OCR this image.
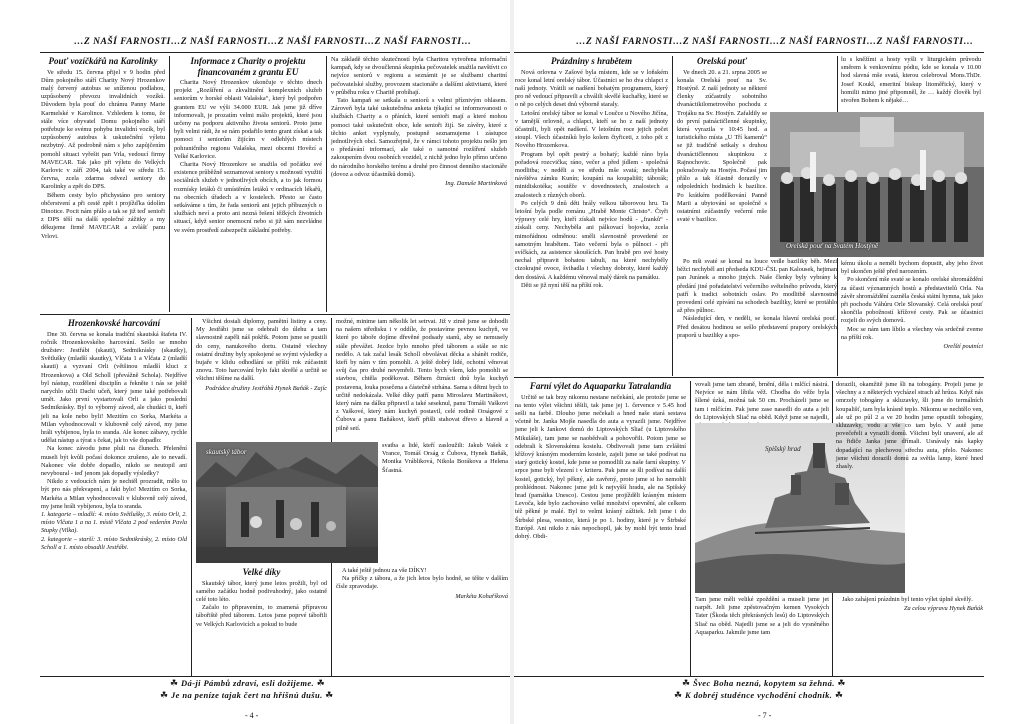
…Z NAŠÍ FARNOSTI…Z NAŠÍ FARNOSTI…Z NAŠÍ FARNOSTI…Z NAŠÍ FARNOSTI…
Pouť vozíčkářů na Karolinky

Ve středu 15. června přijel v 9 hodin před Dům pokojného stáří Charity Nový Hrozenkov malý červený autobus se sníženou podlahou, uzpůsobený převozu invalidních vozíků. Důvodem byla pouť do chrámu Panny Marie Karmelské v Karolince. Vzhledem k tomu, že stále více obyvatel Domu pokojného stáří potřebuje ke svému pohybu invalidní vozík, byl uzpůsobený autobus k uskutečnění výletu nezbytný. Až podrobně nám s jeho zapůjčením pomohl situaci vyřešit pan Vrla, vedoucí firmy MAVECAR. Tak jako při výletu do Velkých Karlovic v září 2004, tak také ve středu 15. června, zcela zdarma odvezl seniory do Karolinky a zpět do DPS.

Během cesty bylo přichystáno pro seniory občerstvení a při cestě zpět i projížďka údolím Dinotice. Pocit nám přálo a tak se již teď senioři z DPS těší na další společné zážitky a my děkujeme firmě MAVECAR a zvlášť panu Vrlovi.

Informace z Charity o projektu financovaném z grantu EU

Charita Nový Hrozenkov ukončuje v těchto dnech projekt „Rozšíření a zkvalitnění komplexních služeb seniorům v horské oblasti Valašska“, který byl podpořen grantem EU ve výši 34.000 EUR. Jak jsme již dříve informovali, je prozatím velmi málo projektů, které jsou určeny na podporu aktivního života seniorů. Proto jsme byli velmi rádi, že se nám podařilo tento grant získat a tak pomoci i seniorům žijícím v odlehlých místech pohraničního regionu Valašska, mezi obcemi Hovězí a Velké Karlovice.

Charita Nový Hrozenkov se snažila od počátku své existence průběžně seznamovat seniory s možností využití sociálních služeb v jednotlivých obcích, a to jak formou rozmísky letáků či umístěním letáků v ordinacích lékařů, na obecních úřadech a v kostelech. Přesto se často setkáváme s tím, že řada seniorů ani jejich příbuzných o službách neví a proto ani nezná řešení těžkých životních situací, když senior onemocní nebo si již sám nezvládne ve svém prostředí zabezpečit základní potřeby.

Na základě těchto skutečností byla Charitou vytvořena informační kampaň, kdy se dvoučlenná skupinka pečovatelek snažila navštívit co nejvíce seniorů v regionu a seznámit je se službami charitní pečovatelské služby, provozem stacionáře a dalšími aktivitami, které v průběhu roku v Charitě probíhají.

Tato kampaň se setkala u seniorů s velmi příznivým ohlasem. Zároveň byla také uskutečněna anketa týkající se informovanosti o službách Charity a o přáních, které senioři mají a které mohou pomoci také uskutečnit obce, kde senioři žijí. Se závěry, které z těchto anket vyplynuly, postupně seznamujeme i zástupce jednotlivých obcí. Samozřejmě, že v rámci tohoto projektu nešlo jen o předávání informací, ale také o samotné rozšíření služeb zakoupením dvou osobních vozidel, z nichž jedno bylo přímo určeno do národního horského terénu a druhé pro činnost denního stacionáře (dovoz a odvoz účastníků domů).

Ing. Danuše Martinková

Hrozenkovské harcování

Dne 30. června se konala tradiční skautská štafeta IV. ročník Hrozenkovského harcování. Sešlo se mnoho družstev: Jestřábi (skauti), Sedmikrásky (skautky), Světlušky (mladší skautky), Vlčata 1 a Vlčata 2 (mladší skauti) a vyzvaní Orli (většinou mladší kluci z Hrozenkova) a Old Scholl (převážně Schola). Nejdříve byl nástup, rozdělení disciplín a řekněte i nás se ještě narychlo učili Dachi učeň, který jsme také potřebovali umět. Jako první vystartovali Orli a jako poslední Sedmikrásky. Byl to výborný závod, ale chudáci ti, kteří jeli na kole nebo byli! Mezitím co Sorka, Markéta a Milan vyhodnocovali v klubovně celý závod, my jsme hráli vybíjenou, byla to sranda. Ale konec zábavy, rychle udělat nástup a týrat s čekat, jak to vše dopadlo:

Na konec závodu jsme pluli na člunech. Přelenění museli být kvůli počasí dokonce zrušeno, ale to nevadí. Nakonec vše dobře dopadlo, nikdo se neutopil ani nevyboural - teď jenom jak dopadly výsledky?

Nikdo z vedoucích nám je nechtěl prozradit, mělo to být pro nás překvapení, a fakt bylo! Mezitím co Sorka, Markéta a Milan vyhodnocovali v klubovně celý závod, my jsme hráli vybíjenou, byla to sranda.

1. kategorie – mladší: 4. místo Světlušky, 3. místo Orli, 2. místo Vlčata 1 a na 1. místě Vlčata 2 pod vedením Pavla Stupky (Vilka).

2. kategorie – starší: 3. místo Sedmikrásky, 2. místo Old Scholl a 1. místo obsadili Jestřábi.

Všichni dostali diplomy, pamětní listiny a ceny. My Jestřábi jsme se odebrali do úlehu a tam slavnostně zapěli náš pokřik. Potom jsme se pustili do ceny, nanukového dortu. Ostatně všechny ostatní družiny byly spokojené se svými výsledky a bujaře v klidu odhodlání se příští rok zúčastnit znovu. Toto harcování bylo fakt skvělé a určitě se všichni těšíme na další.

Podrádce družiny Jestřábů Hynek Baňák - Zajíc

skautský tábor
Velké díky

Skautský tábor, který jsme letos prožili, byl od samého začátku hodně podivuhodný, jako ostatně celé toto léto.

Začalo to připravením, to znamená přípravou tábořiště před táborem. Letos jsme poprvé tábořili ve Velkých Karlovicích a pokud to bude

možné, minime tam několik let setrvat. Již v zimě jsme se dohodli na našem středisku i v oddíle, že postavíme pevnou kuchyň, ve které po táboře dojíme dřevěné podsady stanů, aby se nemusely stále převážet. Jezdce bylo mnoho před táborem a stále se nic nedělo. A tak začal lesák Scholl obvolávat děcka a shánět rodiče, kteří by nám v tím pomohli. A ještě dobrý lidé, ochotní věnovat svůj čas pro druhé nevymřeli. Tento bych všem, kdo pomohli se stavbou, chtěla poděkovat. Během čtrnácti dnů byla kuchyň postavena, louka posečena a částečně strhána. Sama s dětmi bych to určitě nedokázala. Velké díky patří panu Miroslavu Martinákovi, který nám na dálku připravil a také seseknul, panu Tomáši Vaškovi z Vaškové, který nám kuchyň postavil, celé rodině Orságové z Čubova a panu Baňákovi, kteří přišli stahovat dřevo a hlavně a pilně setí.

svatba a lidé, kteří zasloužili: Jakub Vašek z Vrance, Tomáš Orság z Čubova, Hynek Baňák, Monika Vrábliková, Nikola Borákova a Helena Šťastná.

A také ještě jednou za vše DÍKY!

Na příčky z tábora, a že jich letos bylo hodně, se těšte v dalším čísle zpravodaje.

Markéta Kohaříková

☘ Dá-ji Pámbů zdraví, esli dožijeme. ☘
☘ Je na peníze tajak čert na hříšnú dušu. ☘
- 4 -
…Z NAŠÍ FARNOSTI…Z NAŠÍ FARNOSTI…Z NAŠÍ FARNOSTI…Z NAŠÍ FARNOSTI…
Prázdniny s hrabětem

Nová orlovna v Zašové byla místem, kde se v loňském roce konal letní orelský tábor. Účastníci se ho dva chlapci z naší jednoty. Vrátili se nadšení bohatým programem, který pro ně vedoucí připravili a chválili skvělé kuchařky, které se o ně po celých deset dnů výborně staraly.

Letošní orelský tábor se konal v Loučce u Nového Jičína, v tamější orlovně, a chlapci, kteří se ho z naší jednoty účastnili, byli opět nadšení. V letošním roce jejich počet stoupl. Všech účastníků bylo kolem čtyřiceti, z toho pět z Nového Hrozenkova.

Program byl opět pestrý a bohatý; každé ráno byla pořadová rozcvička; ráno, večer a před jídlem - společná modlitba; v neděli a ve středu mše svatá; nechyběla návštěva zámku Kunín; koupání na koupališti; táborák; minidiskotéka; soutěže v dovednostech, znalostech a znalostech z různých oborů.

Po celých 9 dnů děti hrály velkou táborovou hru. Ta letošní byla podle románu „Hrabě Monte Christo“. Čtyři výpravy celé hry, kteří získali nejvíce bodů - „franků“ - získali ceny. Nechyběla ani pálkovací bojovka, zcela mimořádnou odměnou: směli slavnostně provedené ze samotným hrabětem. Tato večerní byla o půlnoci - při svíčkách, za asistence skoušících. Pan hrabě pro své hosty nechal připravit bohatou tabuli, na které nechyběly cizokrajné ovoce, švihadla i všechny dobroty, které každý den dostává. A každému věnoval malý dárek na památku.

Děti se již nyní těší na příští rok.

Orelská pouť

Ve dnech 20. a 21. srpna 2005 se konala Orelská pouť na Sv. Hostýně. Z naší jednoty se některé členky zúčastnily sobotního dvanáctikilometrového pochodu z Trojáku na Sv. Hostýn. Zafaldily se do první patnáctičlenné skupinky, která vyrazila v 10:45 hod. a turistického místa „U Tří kamenů“ se již tradičně setkaly s druhou dvanáctičlennou skupinkou z Rajnochovic. Společně pak pokračovaly na Hostýn. Počasí jim přálo a tak šťastně dorazily v odpoledních hodinách k bazilice. Po krátkém podělkování Panně Marii a ubytování se společně s ostatními zúčastnily večerní mše svaté v bazilice.

Orelská pouť na Svatém Hostýně

lu s kněžími a hosty vyšli v liturgickém průvodu směrem k venkovnímu pódiu, kde se konala v 10.00 hod slavná mše svatá, kterou celebroval Mons.ThDr. Josef Koukl, emeritní biskup litoměřický, který v homilii mimo jiné připomněl, že … každý člověk byl stvořen Bohem k nějaké…

Po mši svaté se konal na louce vedle baziliky běh. Mezi běžci nechyběl ani předseda KDU-ČSL pan Kalousek, hejtman pan Juránek a mnoho jiných. Naše členky byly vybrány k předání jiné pořadatelství večerního světelného průvodu, který patří k tradici sobotních oslav. Po modlitbě slavnostně provedení celé zpívání na schodech baziliky, které se protáhlo až přes půlnoc.

Následující den, v neděli, se konala hlavní orelská pouť. Před desátou hodinou se sešlo představení prapory orelských praporů u baziliky a spo-

kému úkolu a neměli bychom dopustit, aby jeho život byl ukončen ještě před narozením.

Po skončení mše svaté se konalo orelské shromáždění za účasti významných hostů a představitelů Orla. Na závěr shromáždění zazněla česká státní hymna, tak jako při pochodu Váhůru Orle Slovanský. Celá orelská pouť skončila pobožností křížové cesty. Pak se účastníci rozjeli do svých domovů.

Moc se nám tam líbilo a všechny vás srdečně zveme na příští rok.

Orelští poutníci

Farní výlet do Aquaparku Tatralandia

Určitě se tak brzy nikomu nestane nečekání, ale protože jsme se na tento výlet všichni těšili, tak jsme jej 1. července v 5.45 hod sešli na farbě. Dlouho jsme nečekali a hned naše stará sestava včetně br. Janka Mojše nasedla do auta a vyrazili jsme. Nejdříve jsme jeli k Jankovi domů do Liptovských Sliač (u Liptovského Mikuláše), tam jsme se naobědvali a pohovořili. Potom jsme se odebrali k Slovenskému kostelu. Obdivovali jsme tam zvláštní křížový krásným moderním kostele, zajeli jsme se také podívat na starý gotický kostel, kde jsme se pomodlili za naše farní skupiny. V srpce jsme byli vlezení i v kriteru. Pak jsme se šli podívat na další kostel, gotický, byl pěkný, ale zavřený, proto jsme si ho nemohli prohlédnout. Nakonec jsme jeli k nejvyšší hradu, ale na Spišský hrad (památka Unesco). Cestou jsme projížděli krásným místem Levoča, kde bylo zachováno velké množství opevnění, ale celkem též pěkné je malé. Byl to velmi krásný zážitek. Jeli jsme i do Štrbské plesa, vesnice, která je po 1. hodiny, které je v Štrbské Európě. Ani nikdo z nás nepochopil, jak by mohl být tento hrad dobrý. Obdi-

vovali jsme tam zbraně, brnění, děla i mlčící násirá. Nejvíce se nám líbila věž. Chodba do věže byla šílené úzká, možná tak 50 cm. Procházeli jsme se tam i mlčícím. Pak jsme zase nasedli do auta a jeli do Liptovských Sliač na oběd. Když jsme se najedli,

Spišský hrad

Tam jsme měli veliké zpoždění a museli jsme jet narpět. Jeli jsme zpěstovačným kemen Vysokých Tater (Škoda těch překrásných lesů) do Liptovských Sliač na oběd. Najedli jsme se a jeli do vysněného Aquaparku. Jakmile jsme tam

dorazili, okamžitě jsme šli na tobogány. Projeli jsme je všechny a z některých vycházel strach až hrůza. Když nás omrzely tobogány a skluzavky, šli jsme do termálních koupališť, tam byla krásně teplo. Nikomu se nechtělo ven, ale už po půl 2 a ve 20 hodin jsme opustili tobogány, skluzavky, vodu a vše co tam bylo. V autě jsme povečeřeli a vyrazili domů. Všichni byli unavení, ale až na řidiče Janka jsme dřímali. Usnávaly nás kapky dopadající na plechovou střechu auta, přelo. Nakonec jsme všichni dorazili domů za světla lamp, které hned zhasly.

Jako zahájení prázdnin byl tento výlet úplně skvělý.

Za celou výpravu Hynek Baňák

☘ Švec Boha nezná, kopytem sa žehná. ☘
☘ K dobréj studénce vychodění chodník. ☘
- 7 -
